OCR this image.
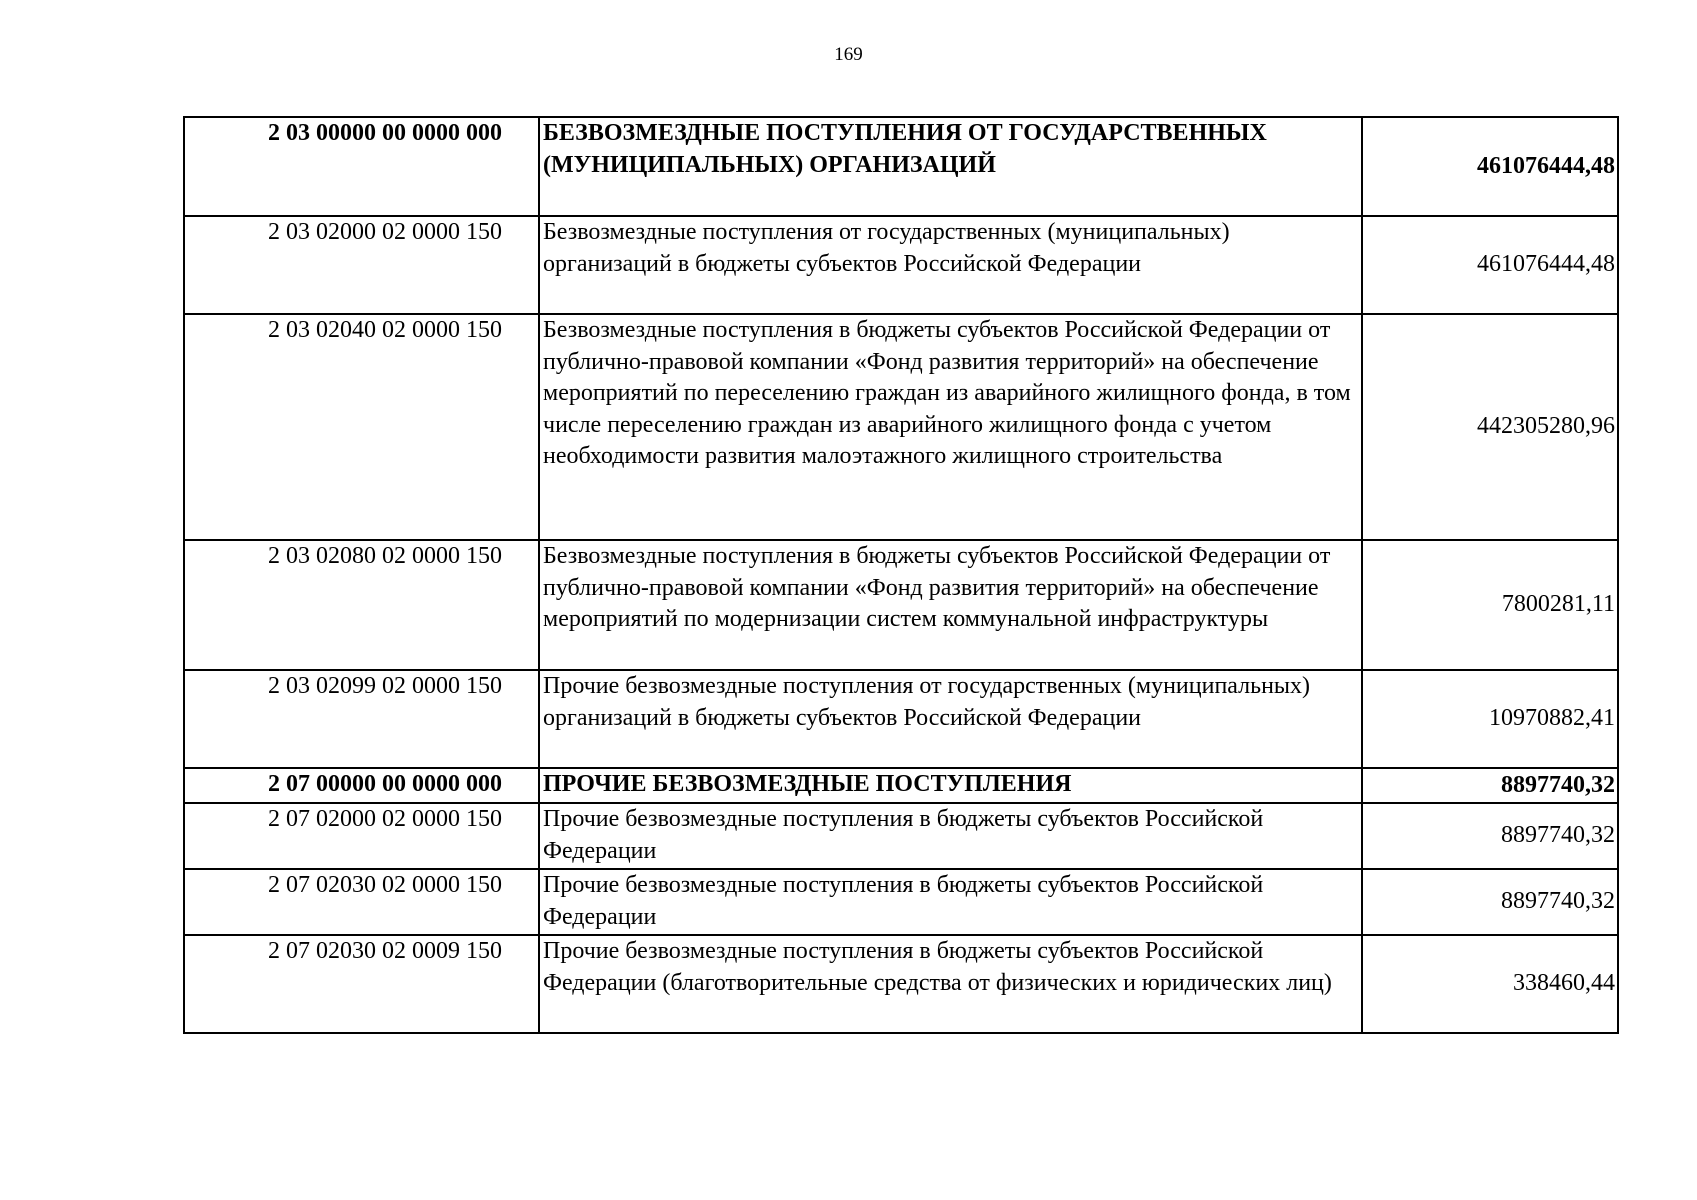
169
2 03 00000 00 0000 000	БЕЗВОЗМЕЗДНЫЕ ПОСТУПЛЕНИЯ ОТ ГОСУДАРСТВЕННЫХ (МУНИЦИПАЛЬНЫХ) ОРГАНИЗАЦИЙ	461076444,48
2 03 02000 02 0000 150	Безвозмездные поступления от государственных (муниципальных) организаций в бюджеты субъектов Российской Федерации	461076444,48
2 03 02040 02 0000 150	Безвозмездные поступления в бюджеты субъектов Российской Федерации от публично-правовой компании «Фонд развития территорий» на обеспечение мероприятий по переселению граждан из аварийного жилищного фонда, в том числе переселению граждан из аварийного жилищного фонда с учетом необходимости развития малоэтажного жилищного строительства	442305280,96
2 03 02080 02 0000 150	Безвозмездные поступления в бюджеты субъектов Российской Федерации от публично-правовой компании «Фонд развития территорий» на обеспечение мероприятий по модернизации систем коммунальной инфраструктуры	7800281,11
2 03 02099 02 0000 150	Прочие безвозмездные поступления от государственных (муниципальных) организаций в бюджеты субъектов Российской Федерации	10970882,41
2 07 00000 00 0000 000	ПРОЧИЕ БЕЗВОЗМЕЗДНЫЕ ПОСТУПЛЕНИЯ	8897740,32
2 07 02000 02 0000 150	Прочие безвозмездные поступления в бюджеты субъектов Российской Федерации	8897740,32
2 07 02030 02 0000 150	Прочие безвозмездные поступления в бюджеты субъектов Российской Федерации	8897740,32
2 07 02030 02 0009 150	Прочие безвозмездные поступления в бюджеты субъектов Российской Федерации (благотворительные средства от физических и юридических лиц)	338460,44
